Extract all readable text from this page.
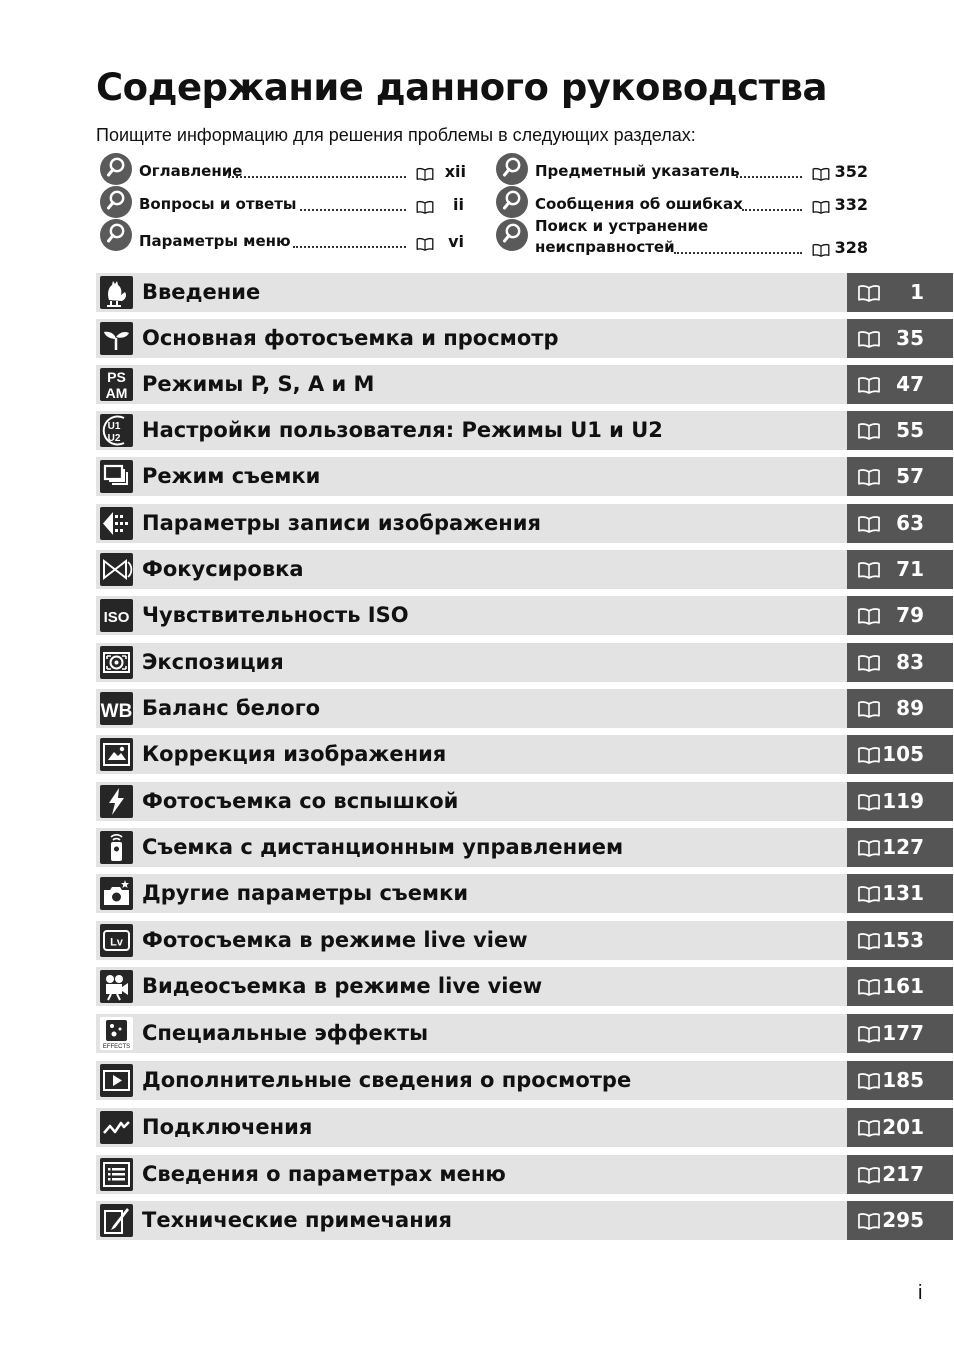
Содержание данного руководства
Поищите информацию для решения проблемы в следующих разделах:
Оглавление	xii
Вопросы и ответы	ii
Параметры меню	vi
Предметный указатель	352
Сообщения об ошибках	332
Поиск и устранение
неисправностей	328
Введение	1
Основная фотосъемка и просмотр	35
PS
AM Режимы P, S, A и M	47
U1
U2 Настройки пользователя: Режимы U1 и U2	55
Режим съемки	57
Параметры записи изображения	63
Фокусировка	71
ISO Чувствительность ISO	79
Экспозиция	83
WB Баланс белого	89
Коррекция изображения	105
Фотосъемка со вспышкой	119
Съемка с дистанционным управлением	127
Другие параметры съемки	131
Lv Фотосъемка в режиме live view	153
Видеосъемка в режиме live view	161
EFFECTS
Специальные эффекты	177
Дополнительные сведения о просмотре	185
Подключения	201
Сведения о параметрах меню	217
Технические примечания	295
i
